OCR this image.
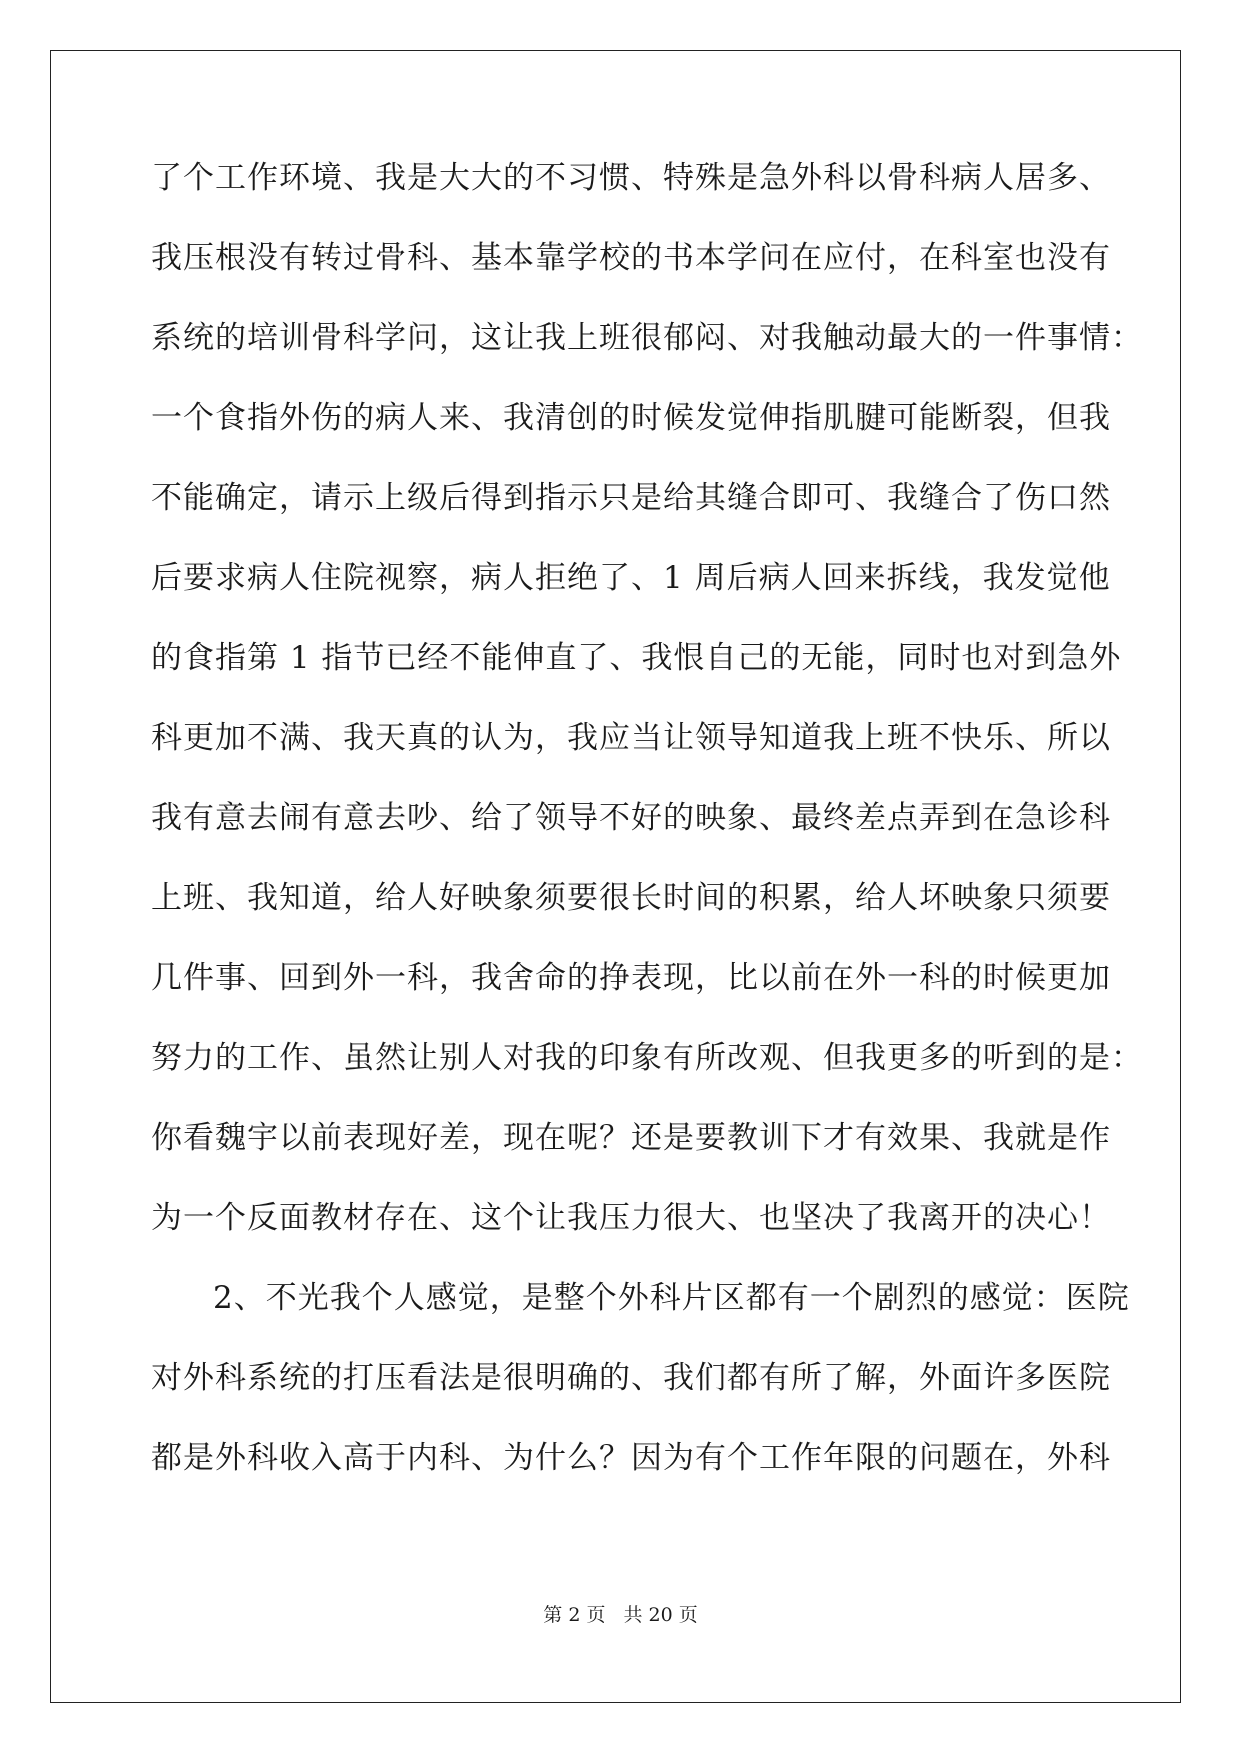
了个工作环境、我是大大的不习惯、特殊是急外科以骨科病人居多、
我压根没有转过骨科、基本靠学校的书本学问在应付，在科室也没有
系统的培训骨科学问，这让我上班很郁闷、对我触动最大的一件事情：
一个食指外伤的病人来、我清创的时候发觉伸指肌腱可能断裂，但我
不能确定，请示上级后得到指示只是给其缝合即可、我缝合了伤口然
后要求病人住院视察，病人拒绝了、1 周后病人回来拆线，我发觉他
的食指第 1 指节已经不能伸直了、我恨自己的无能，同时也对到急外
科更加不满、我天真的认为，我应当让领导知道我上班不快乐、所以
我有意去闹有意去吵、给了领导不好的映象、最终差点弄到在急诊科
上班、我知道，给人好映象须要很长时间的积累，给人坏映象只须要
几件事、回到外一科，我舍命的挣表现，比以前在外一科的时候更加
努力的工作、虽然让别人对我的印象有所改观、但我更多的听到的是：
你看魏宇以前表现好差，现在呢？还是要教训下才有效果、我就是作
为一个反面教材存在、这个让我压力很大、也坚决了我离开的决心！
2、不光我个人感觉，是整个外科片区都有一个剧烈的感觉：医院
对外科系统的打压看法是很明确的、我们都有所了解，外面许多医院
都是外科收入高于内科、为什么？因为有个工作年限的问题在，外科
第 2 页 共 20 页
